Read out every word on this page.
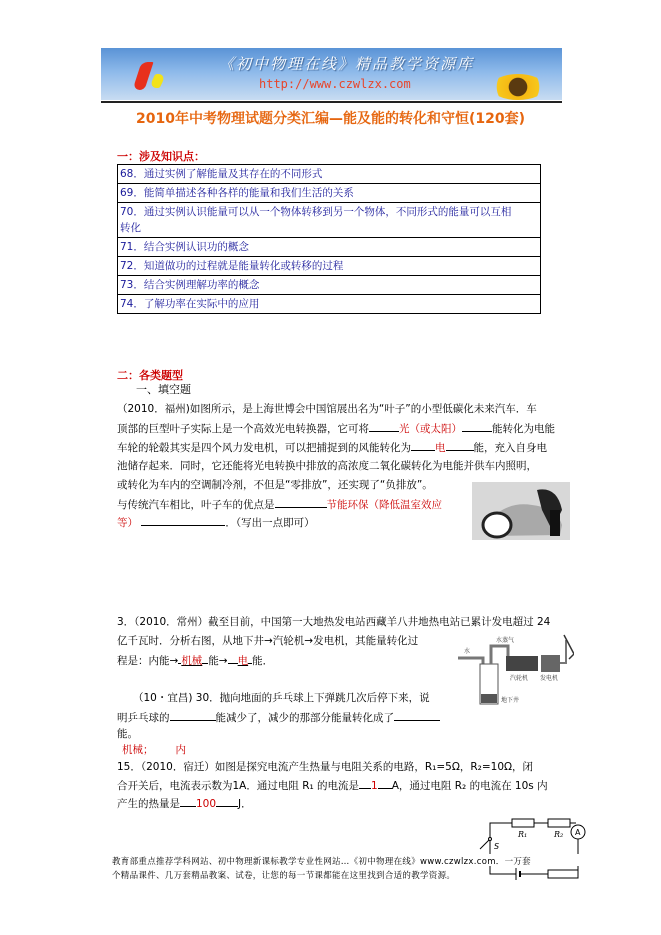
《初中物理在线》精品教学资源库
http://www.czwlzx.com
2010年中考物理试题分类汇编—能及能的转化和守恒(120套)
一：涉及知识点：
68．通过实例了解能量及其存在的不同形式
69．能简单描述各种各样的能量和我们生活的关系
70．通过实例认识能量可以从一个物体转移到另一个物体，不同形式的能量可以互相
转化
71．结合实例认识功的概念
72．知道做功的过程就是能量转化或转移的过程
73．结合实例理解功率的概念
74．了解功率在实际中的应用
二：各类题型
一、填空题
（2010．福州)如图所示，是上海世博会中国馆展出名为“叶子”的小型低碳化未来汽车．车
顶部的巨型叶子实际上是一个高效光电转换器，它可将	光（或太阳）	能转化为电能
车轮的轮毂其实是四个风力发电机，可以把捕捉到的风能转化为 电	能，充入自身电
池储存起来．同时，它还能将光电转换中排放的高浓度二氧化碳转化为电能并供车内照明，
或转化为车内的空调制冷剂，不但是“零排放”，还实现了“负排放”。
与传统汽车相比，叶子车的优点是	节能环保（降低温室效应
等）	．（写出一点即可）
3．（2010．常州）截至目前，中国第一大地热发电站西藏羊八井地热电站已累计发电超过 24
亿千瓦时．分析右图，从地下井→汽轮机→发电机，其能量转化过
程是：内能→ 机械 能→ 电 能．
水
水蒸气
汽轮机 发电机
地下井
（10・宜昌) 30．抛向地面的乒乓球上下弹跳几次后停下来，说
明乒乓球的	能减少了，减少的那部分能量转化成了
能。
机械； 内
15．（2010．宿迁）如图是探究电流产生热量与电阻关系的电路，R₁=5Ω，R₂=10Ω，闭
合开关后，电流表示数为1A．通过电阻 R₁ 的电流是 1 A，通过电阻 R₂ 的电流在 10s 内
产生的热量是 100 J．
R₁	R₂ A
S
教育部重点推荐学科网站、初中物理新课标教学专业性网站…《初中物理在线》www.czwlzx.com．一万套
个精品课件、几万套精品教案、试卷，让您的每一节课都能在这里找到合适的教学资源。
